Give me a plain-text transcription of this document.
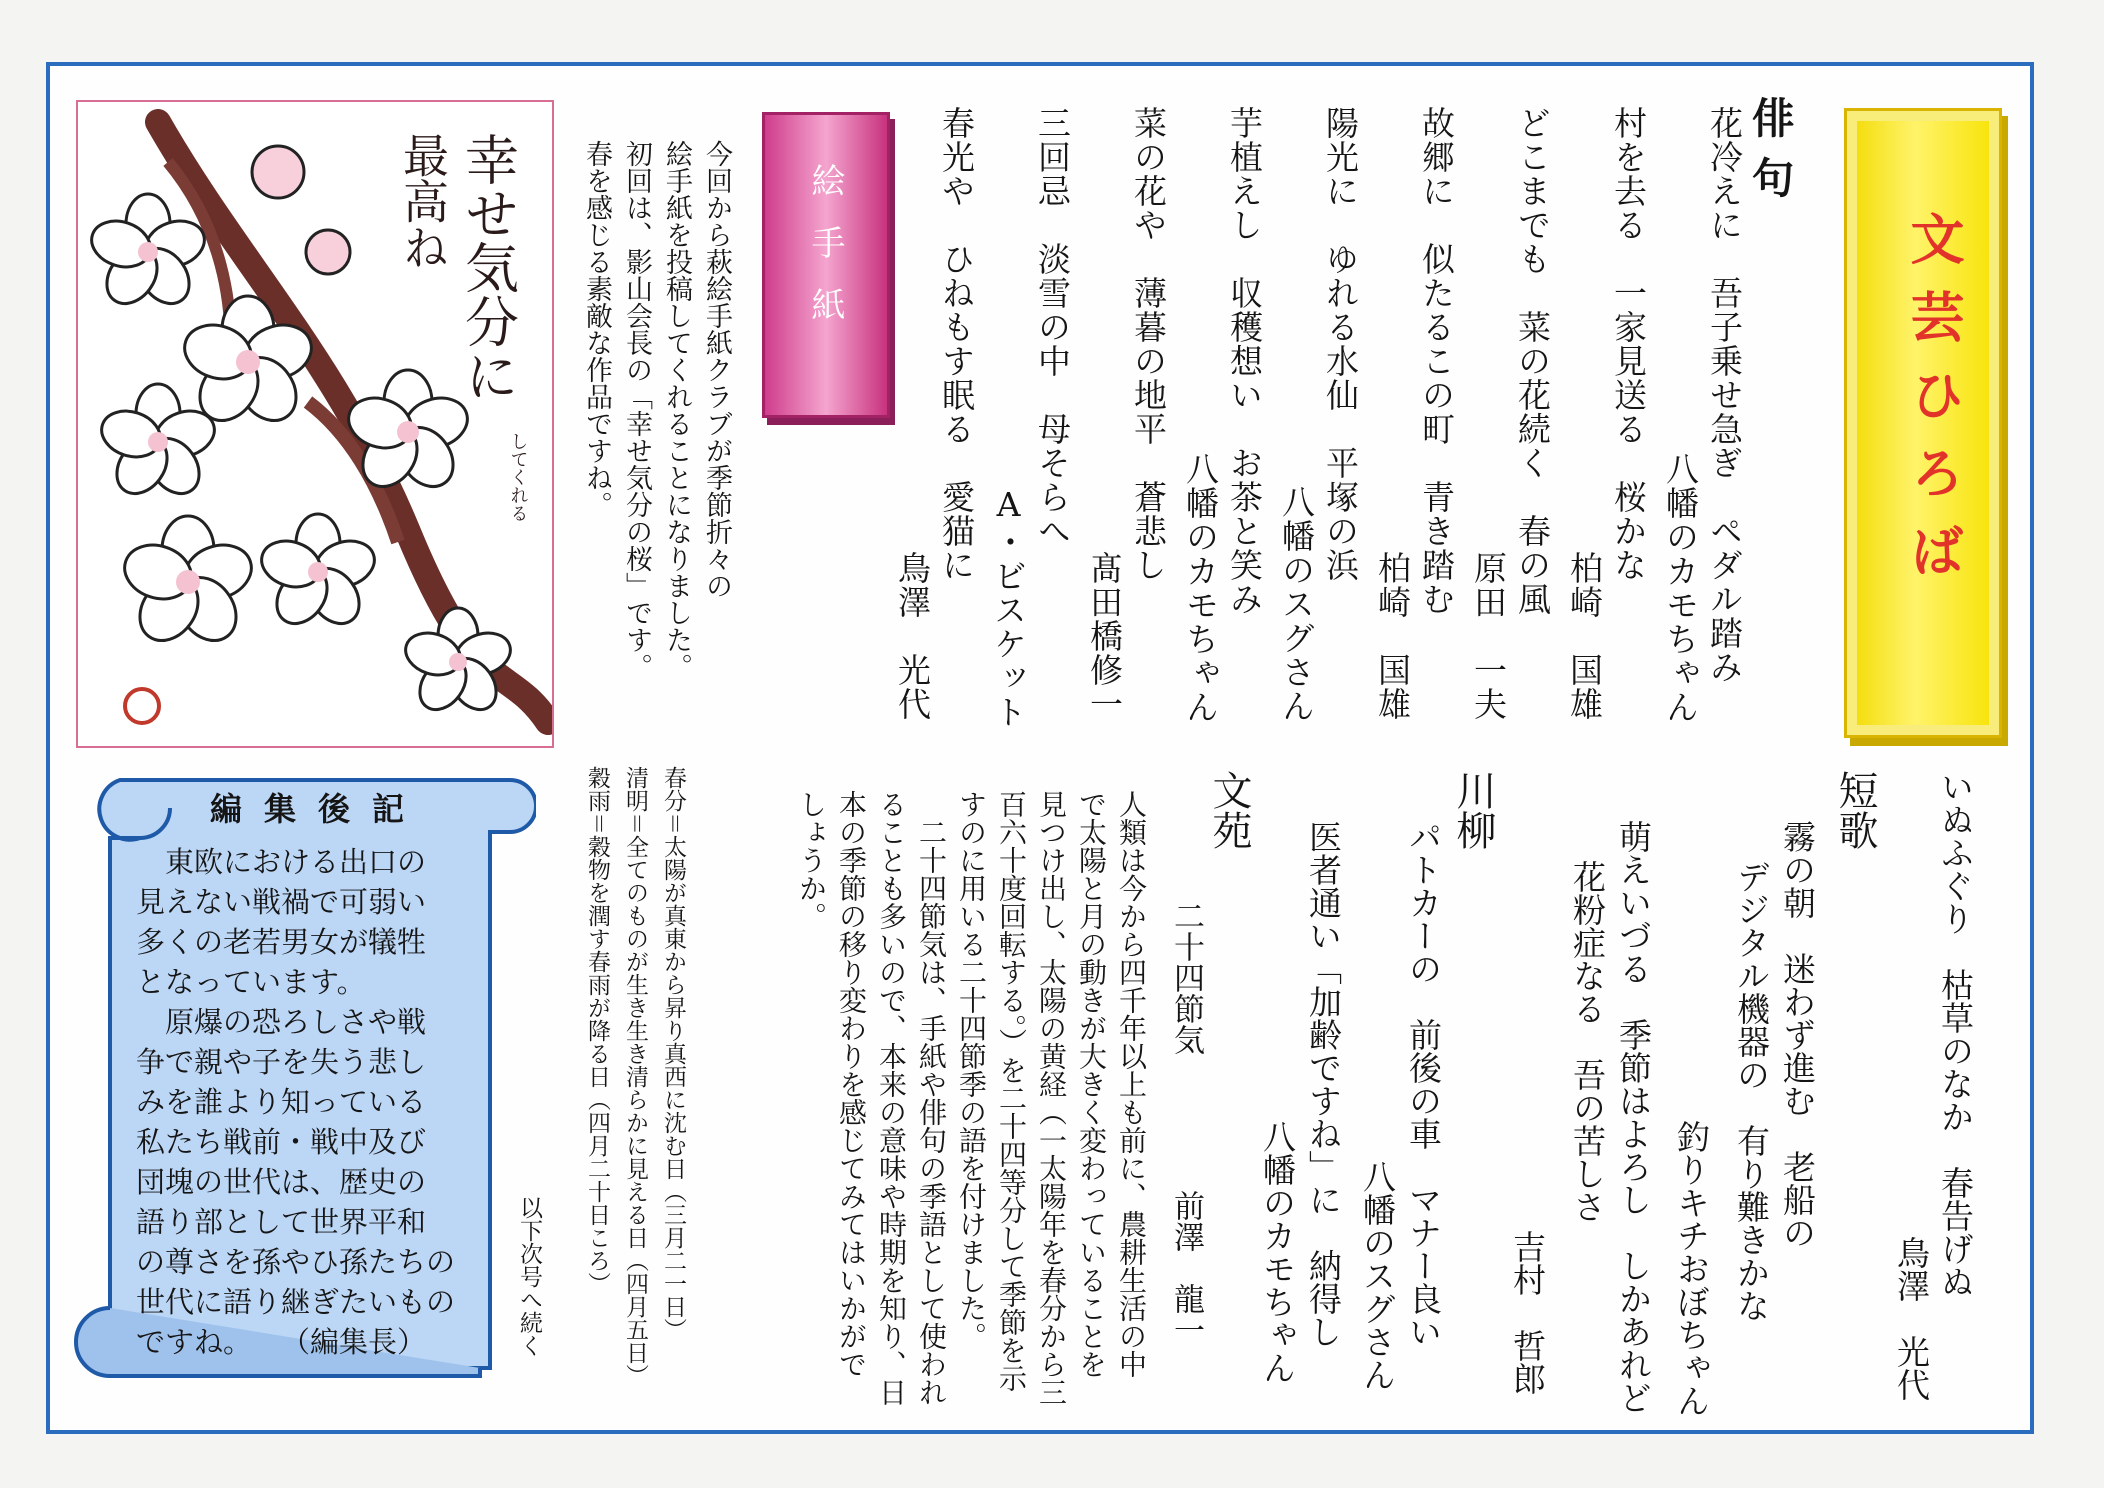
文芸ひろば
俳句
花冷えに　吾子乗せ急ぎ　ペダル踏み
八幡のカモちゃん
村を去る　一家見送る　桜かな
柏崎　国雄
どこまでも　菜の花続く　春の風
原田　一夫
故郷に　似たるこの町　青き踏む
柏崎　国雄
陽光に　ゆれる水仙　平塚の浜
八幡のスグさん
芋植えし　収穫想い　お茶と笑み
八幡のカモちゃん
菜の花や　薄暮の地平　蒼悲し
髙田橋修一
三回忌　淡雪の中　母そらへ
A・ビスケット
春光や　ひねもす眠る　愛猫に
鳥澤　光代
絵手紙
今回から萩絵手紙クラブが季節折々の
絵手紙を投稿してくれることになりました。
初回は、影山会長の「幸せ気分の桜」です。
春を感じる素敵な作品ですね。
幸せ気分に
最高ね
してくれる
いぬふぐり　枯草のなか　春告げぬ
鳥澤　光代
短歌
霧の朝　迷わず進む　老船の
デジタル機器の　有り難きかな
釣りキチおぼちゃん
萌えいづる　季節はよろし　しかあれど
花粉症なる　吾の苦しさ
吉村　哲郎
川柳
パトカーの　前後の車　マナー良い
八幡のスグさん
医者通い「加齢ですね」に　納得し
八幡のカモちゃん
文苑
二十四節気
前澤　龍一
人類は今から四千年以上も前に、農耕生活の中
で太陽と月の動きが大きく変わっていることを
見つけ出し、太陽の黄経（一太陽年を春分から三
百六十度回転する。）を二十四等分して季節を示
すのに用いる二十四節季の語を付けました。
　二十四節気は、手紙や俳句の季語として使われ
ることも多いので、本来の意味や時期を知り、日
本の季節の移り変わりを感じてみてはいかがで
しょうか。
春分＝太陽が真東から昇り真西に沈む日（三月二一日）
清明＝全てのものが生き生き清らかに見える日（四月五日）
穀雨＝穀物を潤す春雨が降る日（四月二十日ころ）
以下次号へ続く
編集後記
　東欧における出口の
見えない戦禍で可弱い
多くの老若男女が犠牲
となっています。
　原爆の恐ろしさや戦
争で親や子を失う悲し
みを誰より知っている
私たち戦前・戦中及び
団塊の世代は、歴史の
語り部として世界平和
の尊さを孫やひ孫たちの
世代に語り継ぎたいもの
ですね。　　（編集長）
